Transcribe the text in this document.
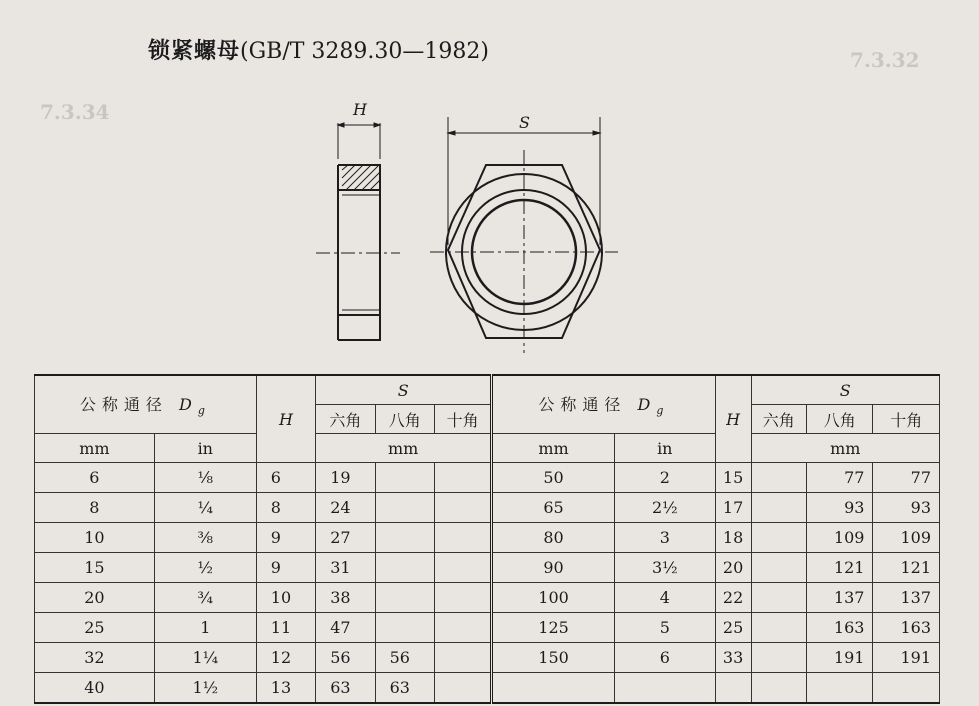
7.3.32
7.3.34
锁紧螺母(GB/T 3289.30—1982)
H
S
公称通径 $D_g$		H	S			公称通径 $D_g$		H	S		
			六角	八角	十角				六角	八角	十角
mm	in		mm			mm	in		mm		
6	⅛	6	19			50	2	15		77	77
8	¼	8	24			65	2½	17		93	93
10	⅜	9	27			80	3	18		109	109
15	½	9	31			90	3½	20		121	121
20	¾	10	38			100	4	22		137	137
25	1	11	47			125	5	25		163	163
32	1¼	12	56	56		150	6	33		191	191
40	1½	13	63	63							
